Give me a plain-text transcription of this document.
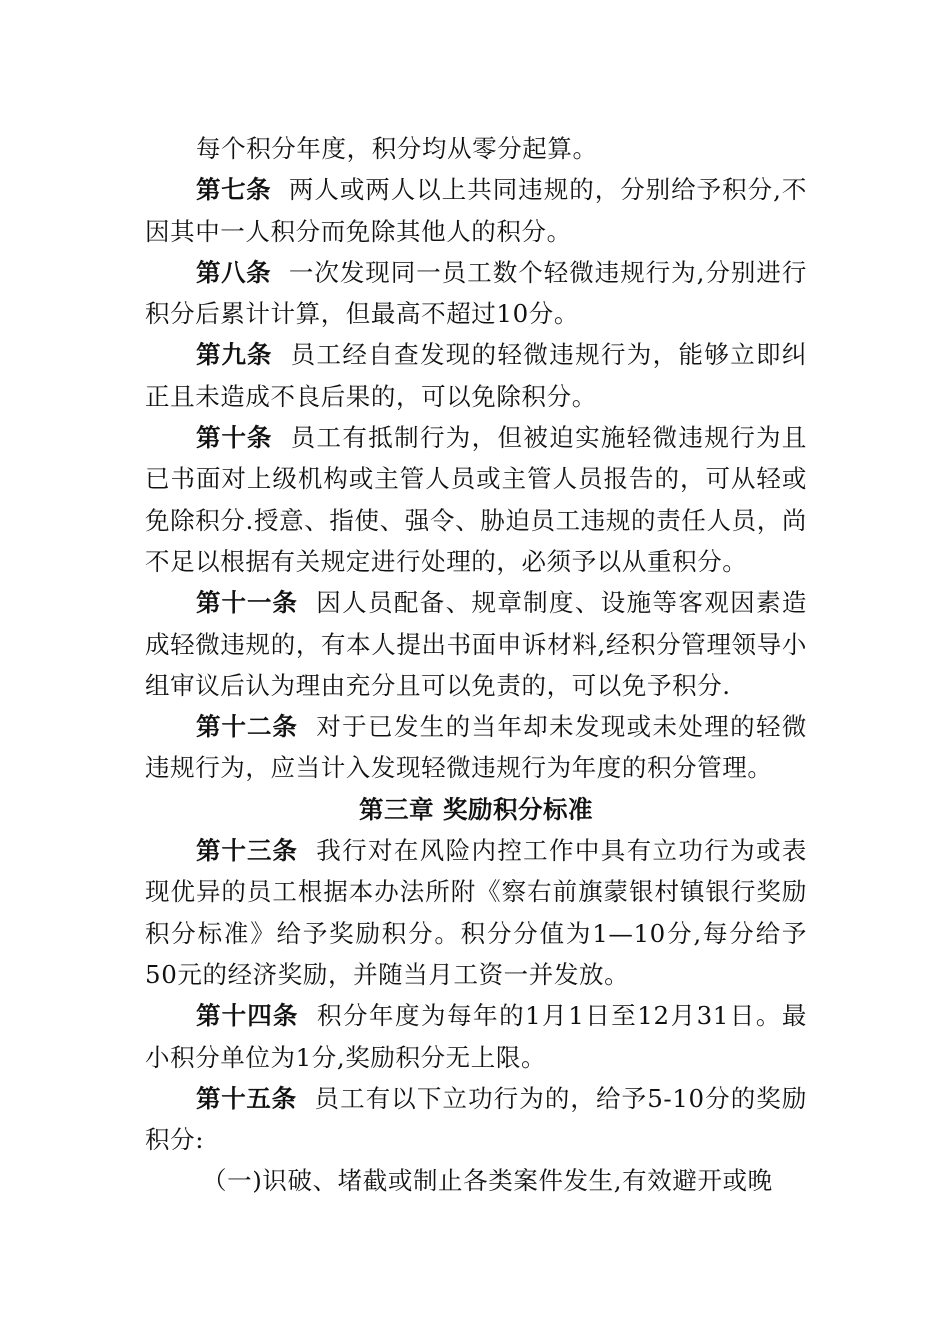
每个积分年度，积分均从零分起算。

第七条 两人或两人以上共同违规的，分别给予积分,不因其中一人积分而免除其他人的积分。

第八条 一次发现同一员工数个轻微违规行为,分别进行积分后累计计算，但最高不超过10分。

第九条 员工经自查发现的轻微违规行为，能够立即纠正且未造成不良后果的，可以免除积分。

第十条 员工有抵制行为，但被迫实施轻微违规行为且已书面对上级机构或主管人员或主管人员报告的，可从轻或免除积分.授意、指使、强令、胁迫员工违规的责任人员，尚不足以根据有关规定进行处理的，必须予以从重积分。

第十一条 因人员配备、规章制度、设施等客观因素造成轻微违规的，有本人提出书面申诉材料,经积分管理领导小组审议后认为理由充分且可以免责的，可以免予积分.

第十二条 对于已发生的当年却未发现或未处理的轻微违规行为，应当计入发现轻微违规行为年度的积分管理。

第三章 奖励积分标准

第十三条 我行对在风险内控工作中具有立功行为或表现优异的员工根据本办法所附《察右前旗蒙银村镇银行奖励积分标准》给予奖励积分。积分分值为1—10分,每分给予50元的经济奖励，并随当月工资一并发放。

第十四条 积分年度为每年的1月1日至12月31日。最小积分单位为1分,奖励积分无上限。

第十五条 员工有以下立功行为的，给予5-10分的奖励积分:

（一)识破、堵截或制止各类案件发生,有效避开或晚
